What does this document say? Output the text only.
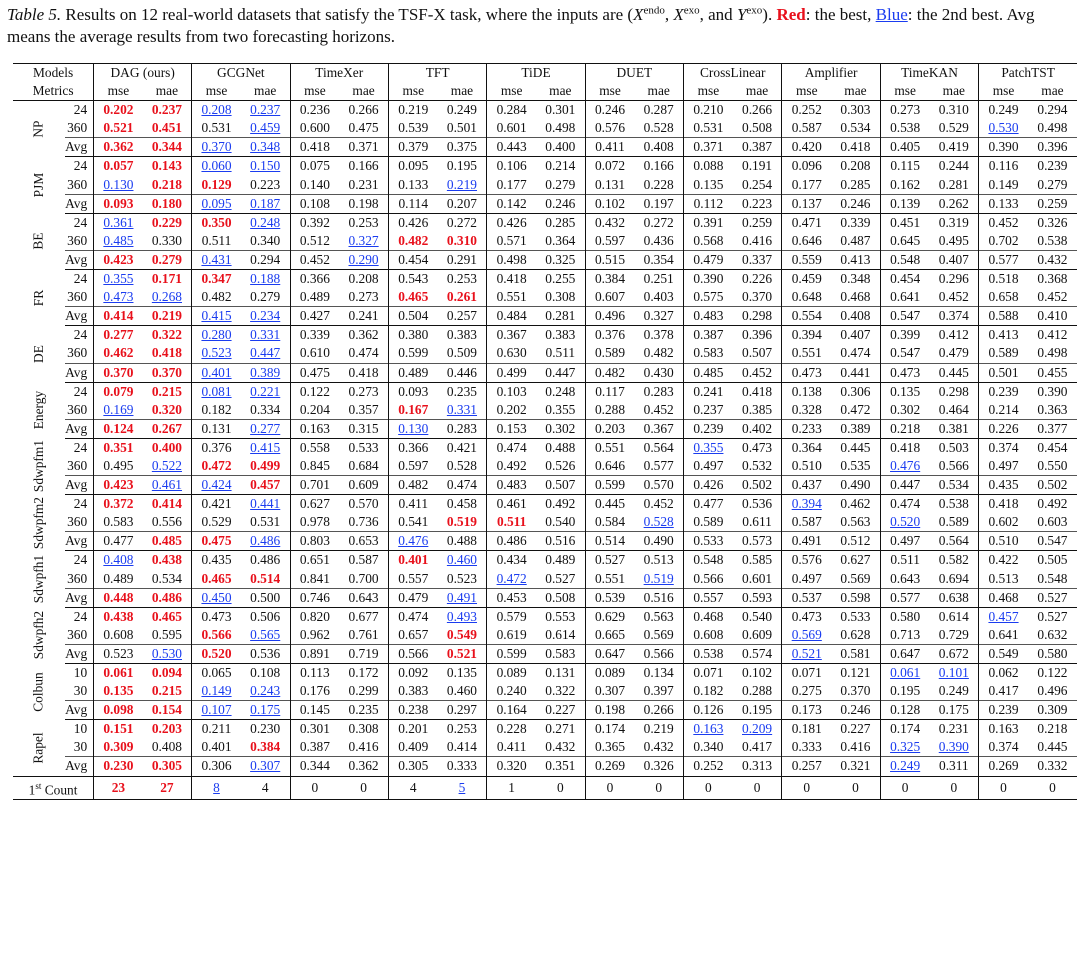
Table 5. Results on 12 real-world datasets that satisfy the TSF-X task, where the inputs are ($X^{endo}$, $X^{exo}$, and $Y^{exo}$). Red: the best, Blue: the 2nd best. Avg means the average results from two forecasting horizons.
Models		DAG (ours)		GCGNet		TimeXer		TFT		TiDE		DUET		CrossLinear		Amplifier		TimeKAN		PatchTST	
Metrics		mse	mae	mse	mae	mse	mae	mse	mae	mse	mae	mse	mae	mse	mae	mse	mae	mse	mae	mse	mae
NP	24	0.202	0.237	0.208	0.237	0.236	0.266	0.219	0.249	0.284	0.301	0.246	0.287	0.210	0.266	0.252	0.303	0.273	0.310	0.249	0.294
	360	0.521	0.451	0.531	0.459	0.600	0.475	0.539	0.501	0.601	0.498	0.576	0.528	0.531	0.508	0.587	0.534	0.538	0.529	0.530	0.498
	Avg	0.362	0.344	0.370	0.348	0.418	0.371	0.379	0.375	0.443	0.400	0.411	0.408	0.371	0.387	0.420	0.418	0.405	0.419	0.390	0.396
PJM	24	0.057	0.143	0.060	0.150	0.075	0.166	0.095	0.195	0.106	0.214	0.072	0.166	0.088	0.191	0.096	0.208	0.115	0.244	0.116	0.239
	360	0.130	0.218	0.129	0.223	0.140	0.231	0.133	0.219	0.177	0.279	0.131	0.228	0.135	0.254	0.177	0.285	0.162	0.281	0.149	0.279
	Avg	0.093	0.180	0.095	0.187	0.108	0.198	0.114	0.207	0.142	0.246	0.102	0.197	0.112	0.223	0.137	0.246	0.139	0.262	0.133	0.259
BE	24	0.361	0.229	0.350	0.248	0.392	0.253	0.426	0.272	0.426	0.285	0.432	0.272	0.391	0.259	0.471	0.339	0.451	0.319	0.452	0.326
	360	0.485	0.330	0.511	0.340	0.512	0.327	0.482	0.310	0.571	0.364	0.597	0.436	0.568	0.416	0.646	0.487	0.645	0.495	0.702	0.538
	Avg	0.423	0.279	0.431	0.294	0.452	0.290	0.454	0.291	0.498	0.325	0.515	0.354	0.479	0.337	0.559	0.413	0.548	0.407	0.577	0.432
FR	24	0.355	0.171	0.347	0.188	0.366	0.208	0.543	0.253	0.418	0.255	0.384	0.251	0.390	0.226	0.459	0.348	0.454	0.296	0.518	0.368
	360	0.473	0.268	0.482	0.279	0.489	0.273	0.465	0.261	0.551	0.308	0.607	0.403	0.575	0.370	0.648	0.468	0.641	0.452	0.658	0.452
	Avg	0.414	0.219	0.415	0.234	0.427	0.241	0.504	0.257	0.484	0.281	0.496	0.327	0.483	0.298	0.554	0.408	0.547	0.374	0.588	0.410
DE	24	0.277	0.322	0.280	0.331	0.339	0.362	0.380	0.383	0.367	0.383	0.376	0.378	0.387	0.396	0.394	0.407	0.399	0.412	0.413	0.412
	360	0.462	0.418	0.523	0.447	0.610	0.474	0.599	0.509	0.630	0.511	0.589	0.482	0.583	0.507	0.551	0.474	0.547	0.479	0.589	0.498
	Avg	0.370	0.370	0.401	0.389	0.475	0.418	0.489	0.446	0.499	0.447	0.482	0.430	0.485	0.452	0.473	0.441	0.473	0.445	0.501	0.455
Energy	24	0.079	0.215	0.081	0.221	0.122	0.273	0.093	0.235	0.103	0.248	0.117	0.283	0.241	0.418	0.138	0.306	0.135	0.298	0.239	0.390
	360	0.169	0.320	0.182	0.334	0.204	0.357	0.167	0.331	0.202	0.355	0.288	0.452	0.237	0.385	0.328	0.472	0.302	0.464	0.214	0.363
	Avg	0.124	0.267	0.131	0.277	0.163	0.315	0.130	0.283	0.153	0.302	0.203	0.367	0.239	0.402	0.233	0.389	0.218	0.381	0.226	0.377
Sdwpfm1	24	0.351	0.400	0.376	0.415	0.558	0.533	0.366	0.421	0.474	0.488	0.551	0.564	0.355	0.473	0.364	0.445	0.418	0.503	0.374	0.454
	360	0.495	0.522	0.472	0.499	0.845	0.684	0.597	0.528	0.492	0.526	0.646	0.577	0.497	0.532	0.510	0.535	0.476	0.566	0.497	0.550
	Avg	0.423	0.461	0.424	0.457	0.701	0.609	0.482	0.474	0.483	0.507	0.599	0.570	0.426	0.502	0.437	0.490	0.447	0.534	0.435	0.502
Sdwpfm2	24	0.372	0.414	0.421	0.441	0.627	0.570	0.411	0.458	0.461	0.492	0.445	0.452	0.477	0.536	0.394	0.462	0.474	0.538	0.418	0.492
	360	0.583	0.556	0.529	0.531	0.978	0.736	0.541	0.519	0.511	0.540	0.584	0.528	0.589	0.611	0.587	0.563	0.520	0.589	0.602	0.603
	Avg	0.477	0.485	0.475	0.486	0.803	0.653	0.476	0.488	0.486	0.516	0.514	0.490	0.533	0.573	0.491	0.512	0.497	0.564	0.510	0.547
Sdwpfh1	24	0.408	0.438	0.435	0.486	0.651	0.587	0.401	0.460	0.434	0.489	0.527	0.513	0.548	0.585	0.576	0.627	0.511	0.582	0.422	0.505
	360	0.489	0.534	0.465	0.514	0.841	0.700	0.557	0.523	0.472	0.527	0.551	0.519	0.566	0.601	0.497	0.569	0.643	0.694	0.513	0.548
	Avg	0.448	0.486	0.450	0.500	0.746	0.643	0.479	0.491	0.453	0.508	0.539	0.516	0.557	0.593	0.537	0.598	0.577	0.638	0.468	0.527
Sdwpfh2	24	0.438	0.465	0.473	0.506	0.820	0.677	0.474	0.493	0.579	0.553	0.629	0.563	0.468	0.540	0.473	0.533	0.580	0.614	0.457	0.527
	360	0.608	0.595	0.566	0.565	0.962	0.761	0.657	0.549	0.619	0.614	0.665	0.569	0.608	0.609	0.569	0.628	0.713	0.729	0.641	0.632
	Avg	0.523	0.530	0.520	0.536	0.891	0.719	0.566	0.521	0.599	0.583	0.647	0.566	0.538	0.574	0.521	0.581	0.647	0.672	0.549	0.580
Colbun	10	0.061	0.094	0.065	0.108	0.113	0.172	0.092	0.135	0.089	0.131	0.089	0.134	0.071	0.102	0.071	0.121	0.061	0.101	0.062	0.122
	30	0.135	0.215	0.149	0.243	0.176	0.299	0.383	0.460	0.240	0.322	0.307	0.397	0.182	0.288	0.275	0.370	0.195	0.249	0.417	0.496
	Avg	0.098	0.154	0.107	0.175	0.145	0.235	0.238	0.297	0.164	0.227	0.198	0.266	0.126	0.195	0.173	0.246	0.128	0.175	0.239	0.309
Rapel	10	0.151	0.203	0.211	0.230	0.301	0.308	0.201	0.253	0.228	0.271	0.174	0.219	0.163	0.209	0.181	0.227	0.174	0.231	0.163	0.218
	30	0.309	0.408	0.401	0.384	0.387	0.416	0.409	0.414	0.411	0.432	0.365	0.432	0.340	0.417	0.333	0.416	0.325	0.390	0.374	0.445
	Avg	0.230	0.305	0.306	0.307	0.344	0.362	0.305	0.333	0.320	0.351	0.269	0.326	0.252	0.313	0.257	0.321	0.249	0.311	0.269	0.332
1st Count		23	27	8	4	0	0	4	5	1	0	0	0	0	0	0	0	0	0	0	0
